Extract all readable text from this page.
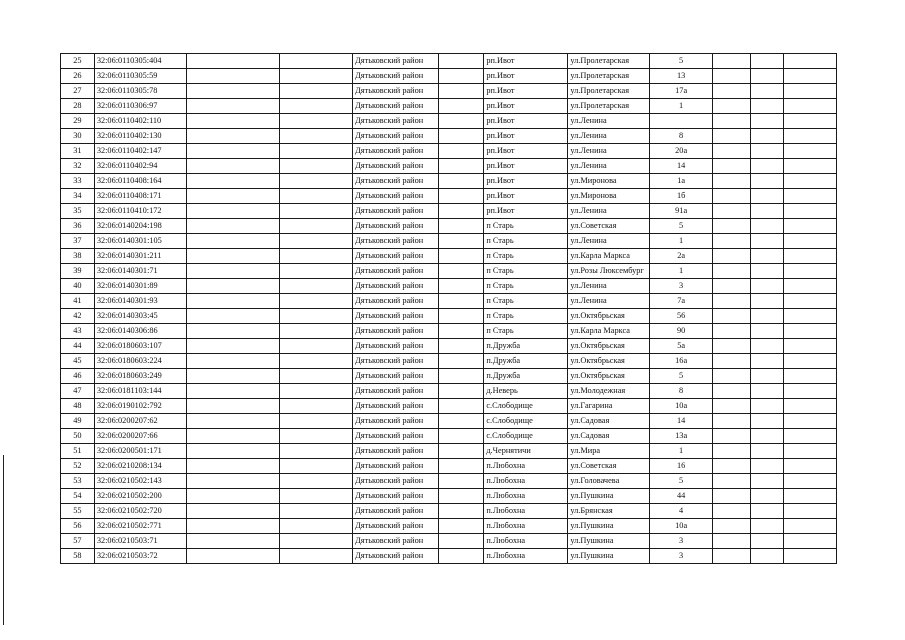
25	32:06:0110305:404			Дятьковский район		рп.Ивот	ул.Пролетарская	5			
26	32:06:0110305:59			Дятьковский район		рп.Ивот	ул.Пролетарская	13			
27	32:06:0110305:78			Дятьковский район		рп.Ивот	ул.Пролетарская	17а			
28	32:06:0110306:97			Дятьковский район		рп.Ивот	ул.Пролетарская	1			
29	32:06:0110402:110			Дятьковский район		рп.Ивот	ул.Ленина				
30	32:06:0110402:130			Дятьковский район		рп.Ивот	ул.Ленина	8			
31	32:06:0110402:147			Дятьковский район		рп.Ивот	ул.Ленина	20а			
32	32:06:0110402:94			Дятьковский район		рп.Ивот	ул.Ленина	14			
33	32:06:0110408:164			Дятьковский район		рп.Ивот	ул.Миронова	1а			
34	32:06:0110408:171			Дятьковский район		рп.Ивот	ул.Миронова	1б			
35	32:06:0110410:172			Дятьковский район		рп.Ивот	ул.Ленина	91а			
36	32:06:0140204:198			Дятьковский район		п Старь	ул.Советская	5			
37	32:06:0140301:105			Дятьковский район		п Старь	ул.Ленина	1			
38	32:06:0140301:211			Дятьковский район		п Старь	ул.Карла Маркса	2а			
39	32:06:0140301:71			Дятьковский район		п Старь	ул.Розы Люксембург	1			
40	32:06:0140301:89			Дятьковский район		п Старь	ул.Ленина	3			
41	32:06:0140301:93			Дятьковский район		п Старь	ул.Ленина	7а			
42	32:06:0140303:45			Дятьковский район		п Старь	ул.Октябрьская	56			
43	32:06:0140306:86			Дятьковский район		п Старь	ул.Карла Маркса	90			
44	32:06:0180603:107			Дятьковский район		п.Дружба	ул.Октябрьская	5а			
45	32:06:0180603:224			Дятьковский район		п.Дружба	ул.Октябрьская	16а			
46	32:06:0180603:249			Дятьковский район		п.Дружба	ул.Октябрьская	5			
47	32:06:0181103:144			Дятьковский район		д.Неверь	ул.Молодежная	8			
48	32:06:0190102:792			Дятьковский район		с.Слободище	ул.Гагарина	10а			
49	32:06:0200207:62			Дятьковский район		с.Слободище	ул.Садовая	14			
50	32:06:0200207:66			Дятьковский район		с.Слободище	ул.Садовая	13а			
51	32:06:0200501:171			Дятьковский район		д.Чернятичи	ул.Мира	1			
52	32:06:0210208:134			Дятьковский район		п.Любохна	ул.Советская	16			
53	32:06:0210502:143			Дятьковский район		п.Любохна	ул.Головачева	5			
54	32:06:0210502:200			Дятьковский район		п.Любохна	ул.Пушкина	44			
55	32:06:0210502:720			Дятьковский район		п.Любохна	ул.Брянская	4			
56	32:06:0210502:771			Дятьковский район		п.Любохна	ул.Пушкина	10а			
57	32:06:0210503:71			Дятьковский район		п.Любохна	ул.Пушкина	3			
58	32:06:0210503:72			Дятьковский район		п.Любохна	ул.Пушкина	3			
